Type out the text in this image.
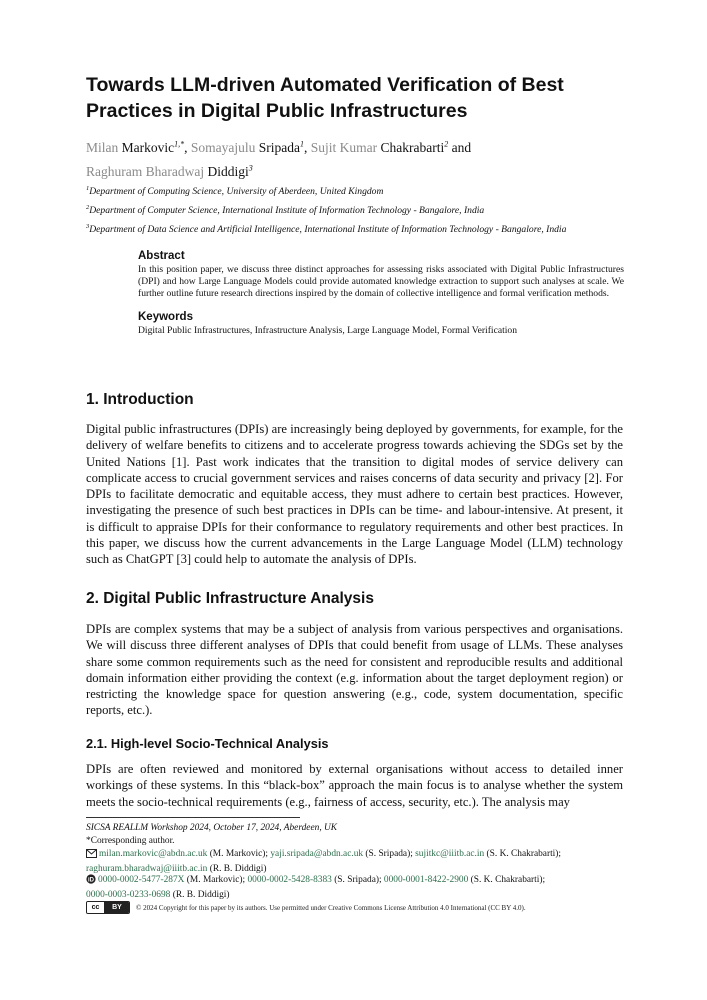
Towards LLM-driven Automated Verification of Best Practices in Digital Public Infrastructures
Milan Markovic$^{1,*}$, Somayajulu Sripada$^1$, Sujit Kumar Chakrabarti$^2$ and
Raghuram Bharadwaj Diddigi$^3$
$^1$Department of Computing Science, University of Aberdeen, United Kingdom
$^2$Department of Computer Science, International Institute of Information Technology - Bangalore, India
$^3$Department of Data Science and Artificial Intelligence, International Institute of Information Technology - Bangalore, India
Abstract

In this position paper, we discuss three distinct approaches for assessing risks associated with Digital Public Infrastructures (DPI) and how Large Language Models could provide automated knowledge extraction to support such analyses at scale. We further outline future research directions inspired by the domain of collective intelligence and formal verification methods.

Keywords

Digital Public Infrastructures, Infrastructure Analysis, Large Language Model, Formal Verification

1. Introduction

Digital public infrastructures (DPIs) are increasingly being deployed by governments, for example, for the delivery of welfare benefits to citizens and to accelerate progress towards achieving the SDGs set by the United Nations [1]. Past work indicates that the transition to digital modes of service delivery can complicate access to crucial government services and raises concerns of data security and privacy [2]. For DPIs to facilitate democratic and equitable access, they must adhere to certain best practices. However, investigating the presence of such best practices in DPIs can be time- and labour-intensive. At present, it is difficult to appraise DPIs for their conformance to regulatory requirements and other best practices. In this paper, we discuss how the current advancements in the Large Language Model (LLM) technology such as ChatGPT [3] could help to automate the analysis of DPIs.

2. Digital Public Infrastructure Analysis

DPIs are complex systems that may be a subject of analysis from various perspectives and organisations. We will discuss three different analyses of DPIs that could benefit from usage of LLMs. These analyses share some common requirements such as the need for consistent and reproducible results and additional domain information either providing the context (e.g. information about the target deployment region) or restricting the knowledge space for question answering (e.g., code, system documentation, specific reports, etc.).

2.1. High-level Socio-Technical Analysis

DPIs are often reviewed and monitored by external organisations without access to detailed inner workings of these systems. In this “black-box” approach the main focus is to analyse whether the system meets the socio-technical requirements (e.g., fairness of access, security, etc.). The analysis may

SICSA REALLM Workshop 2024, October 17, 2024, Aberdeen, UK
*Corresponding author.
milan.markovic@abdn.ac.uk (M. Markovic); yaji.sripada@abdn.ac.uk (S. Sripada); sujitkc@iiitb.ac.in (S. K. Chakrabarti);
raghuram.bharadwaj@iiitb.ac.in (R. B. Diddigi)
iD 0000-0002-5477-287X (M. Markovic); 0000-0002-5428-8383 (S. Sripada); 0000-0001-8422-2900 (S. K. Chakrabarti);
0000-0003-0233-0698 (R. B. Diddigi)
cc	BY	© 2024 Copyright for this paper by its authors. Use permitted under Creative Commons License Attribution 4.0 International (CC BY 4.0).
